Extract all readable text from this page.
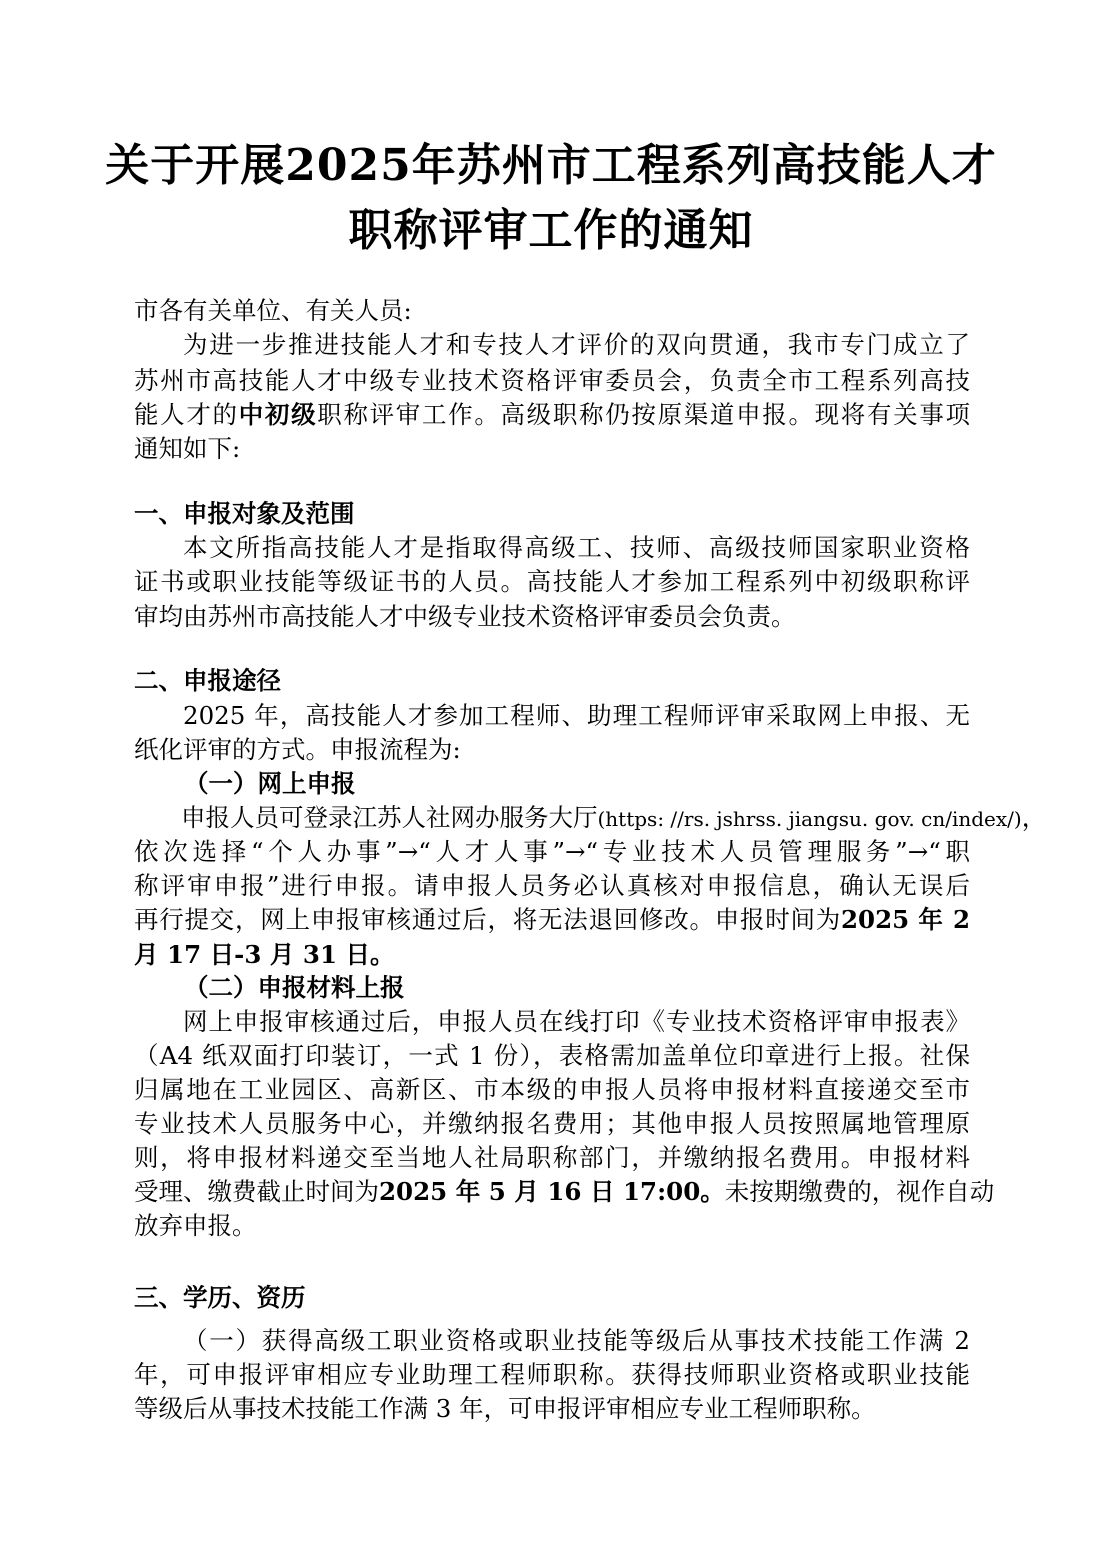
关于开展2025年苏州市工程系列高技能人才
职称评审工作的通知
市各有关单位、有关人员:
为进一步推进技能人才和专技人才评价的双向贯通，我市专门成立了
苏州市高技能人才中级专业技术资格评审委员会，负责全市工程系列高技
能人才的中初级职称评审工作。高级职称仍按原渠道申报。现将有关事项
通知如下:
一、申报对象及范围
本文所指高技能人才是指取得高级工、技师、高级技师国家职业资格
证书或职业技能等级证书的人员。高技能人才参加工程系列中初级职称评
审均由苏州市高技能人才中级专业技术资格评审委员会负责。
二、申报途径
2025 年，高技能人才参加工程师、助理工程师评审采取网上申报、无
纸化评审的方式。申报流程为:
（一）网上申报
申报人员可登录江苏人社网办服务大厅(https: //rs. jshrss. jiangsu. gov. cn/index/)，
依次选择“个人办事”→“人才人事”→“专业技术人员管理服务”→“职
称评审申报”进行申报。请申报人员务必认真核对申报信息，确认无误后
再行提交，网上申报审核通过后，将无法退回修改。申报时间为2025 年 2
月 17 日-3 月 31 日。
（二）申报材料上报
网上申报审核通过后，申报人员在线打印《专业技术资格评审申报表》
（A4 纸双面打印装订，一式 1 份），表格需加盖单位印章进行上报。社保
归属地在工业园区、高新区、市本级的申报人员将申报材料直接递交至市
专业技术人员服务中心，并缴纳报名费用；其他申报人员按照属地管理原
则，将申报材料递交至当地人社局职称部门，并缴纳报名费用。申报材料
受理、缴费截止时间为2025 年 5 月 16 日 17:00。未按期缴费的，视作自动
放弃申报。
三、学历、资历
（一）获得高级工职业资格或职业技能等级后从事技术技能工作满 2
年，可申报评审相应专业助理工程师职称。获得技师职业资格或职业技能
等级后从事技术技能工作满 3 年，可申报评审相应专业工程师职称。
